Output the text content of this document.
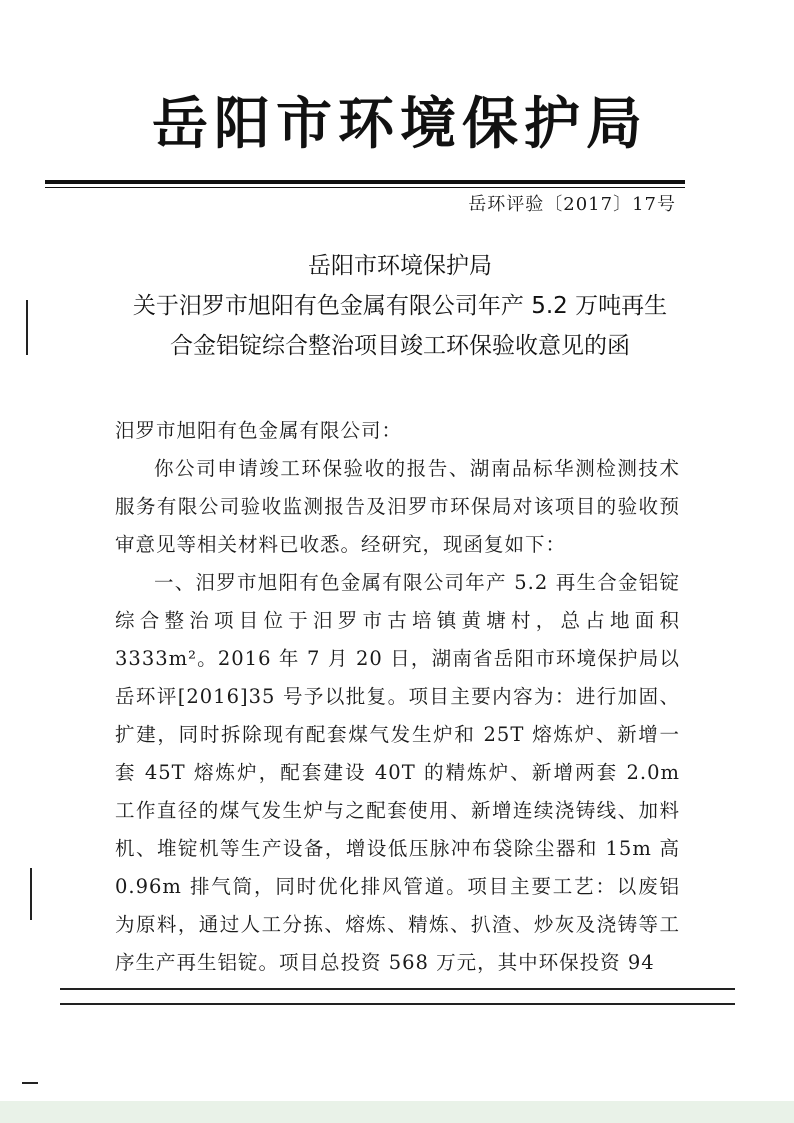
岳阳市环境保护局
岳环评验〔2017〕17号
岳阳市环境保护局
关于汨罗市旭阳有色金属有限公司年产 5.2 万吨再生
合金铝锭综合整治项目竣工环保验收意见的函

汨罗市旭阳有色金属有限公司：

你公司申请竣工环保验收的报告、湖南品标华测检测技术服务有限公司验收监测报告及汨罗市环保局对该项目的验收预审意见等相关材料已收悉。经研究，现函复如下：

一、汨罗市旭阳有色金属有限公司年产 5.2 再生合金铝锭综合整治项目位于汨罗市古培镇黄塘村，总占地面积 3333m²。2016 年 7 月 20 日，湖南省岳阳市环境保护局以岳环评[2016]35 号予以批复。项目主要内容为：进行加固、扩建，同时拆除现有配套煤气发生炉和 25T 熔炼炉、新增一套 45T 熔炼炉，配套建设 40T 的精炼炉、新增两套 2.0m 工作直径的煤气发生炉与之配套使用、新增连续浇铸线、加料机、堆锭机等生产设备，增设低压脉冲布袋除尘器和 15m 高 0.96m 排气筒，同时优化排风管道。项目主要工艺：以废铝为原料，通过人工分拣、熔炼、精炼、扒渣、炒灰及浇铸等工序生产再生铝锭。项目总投资 568 万元，其中环保投资 94
